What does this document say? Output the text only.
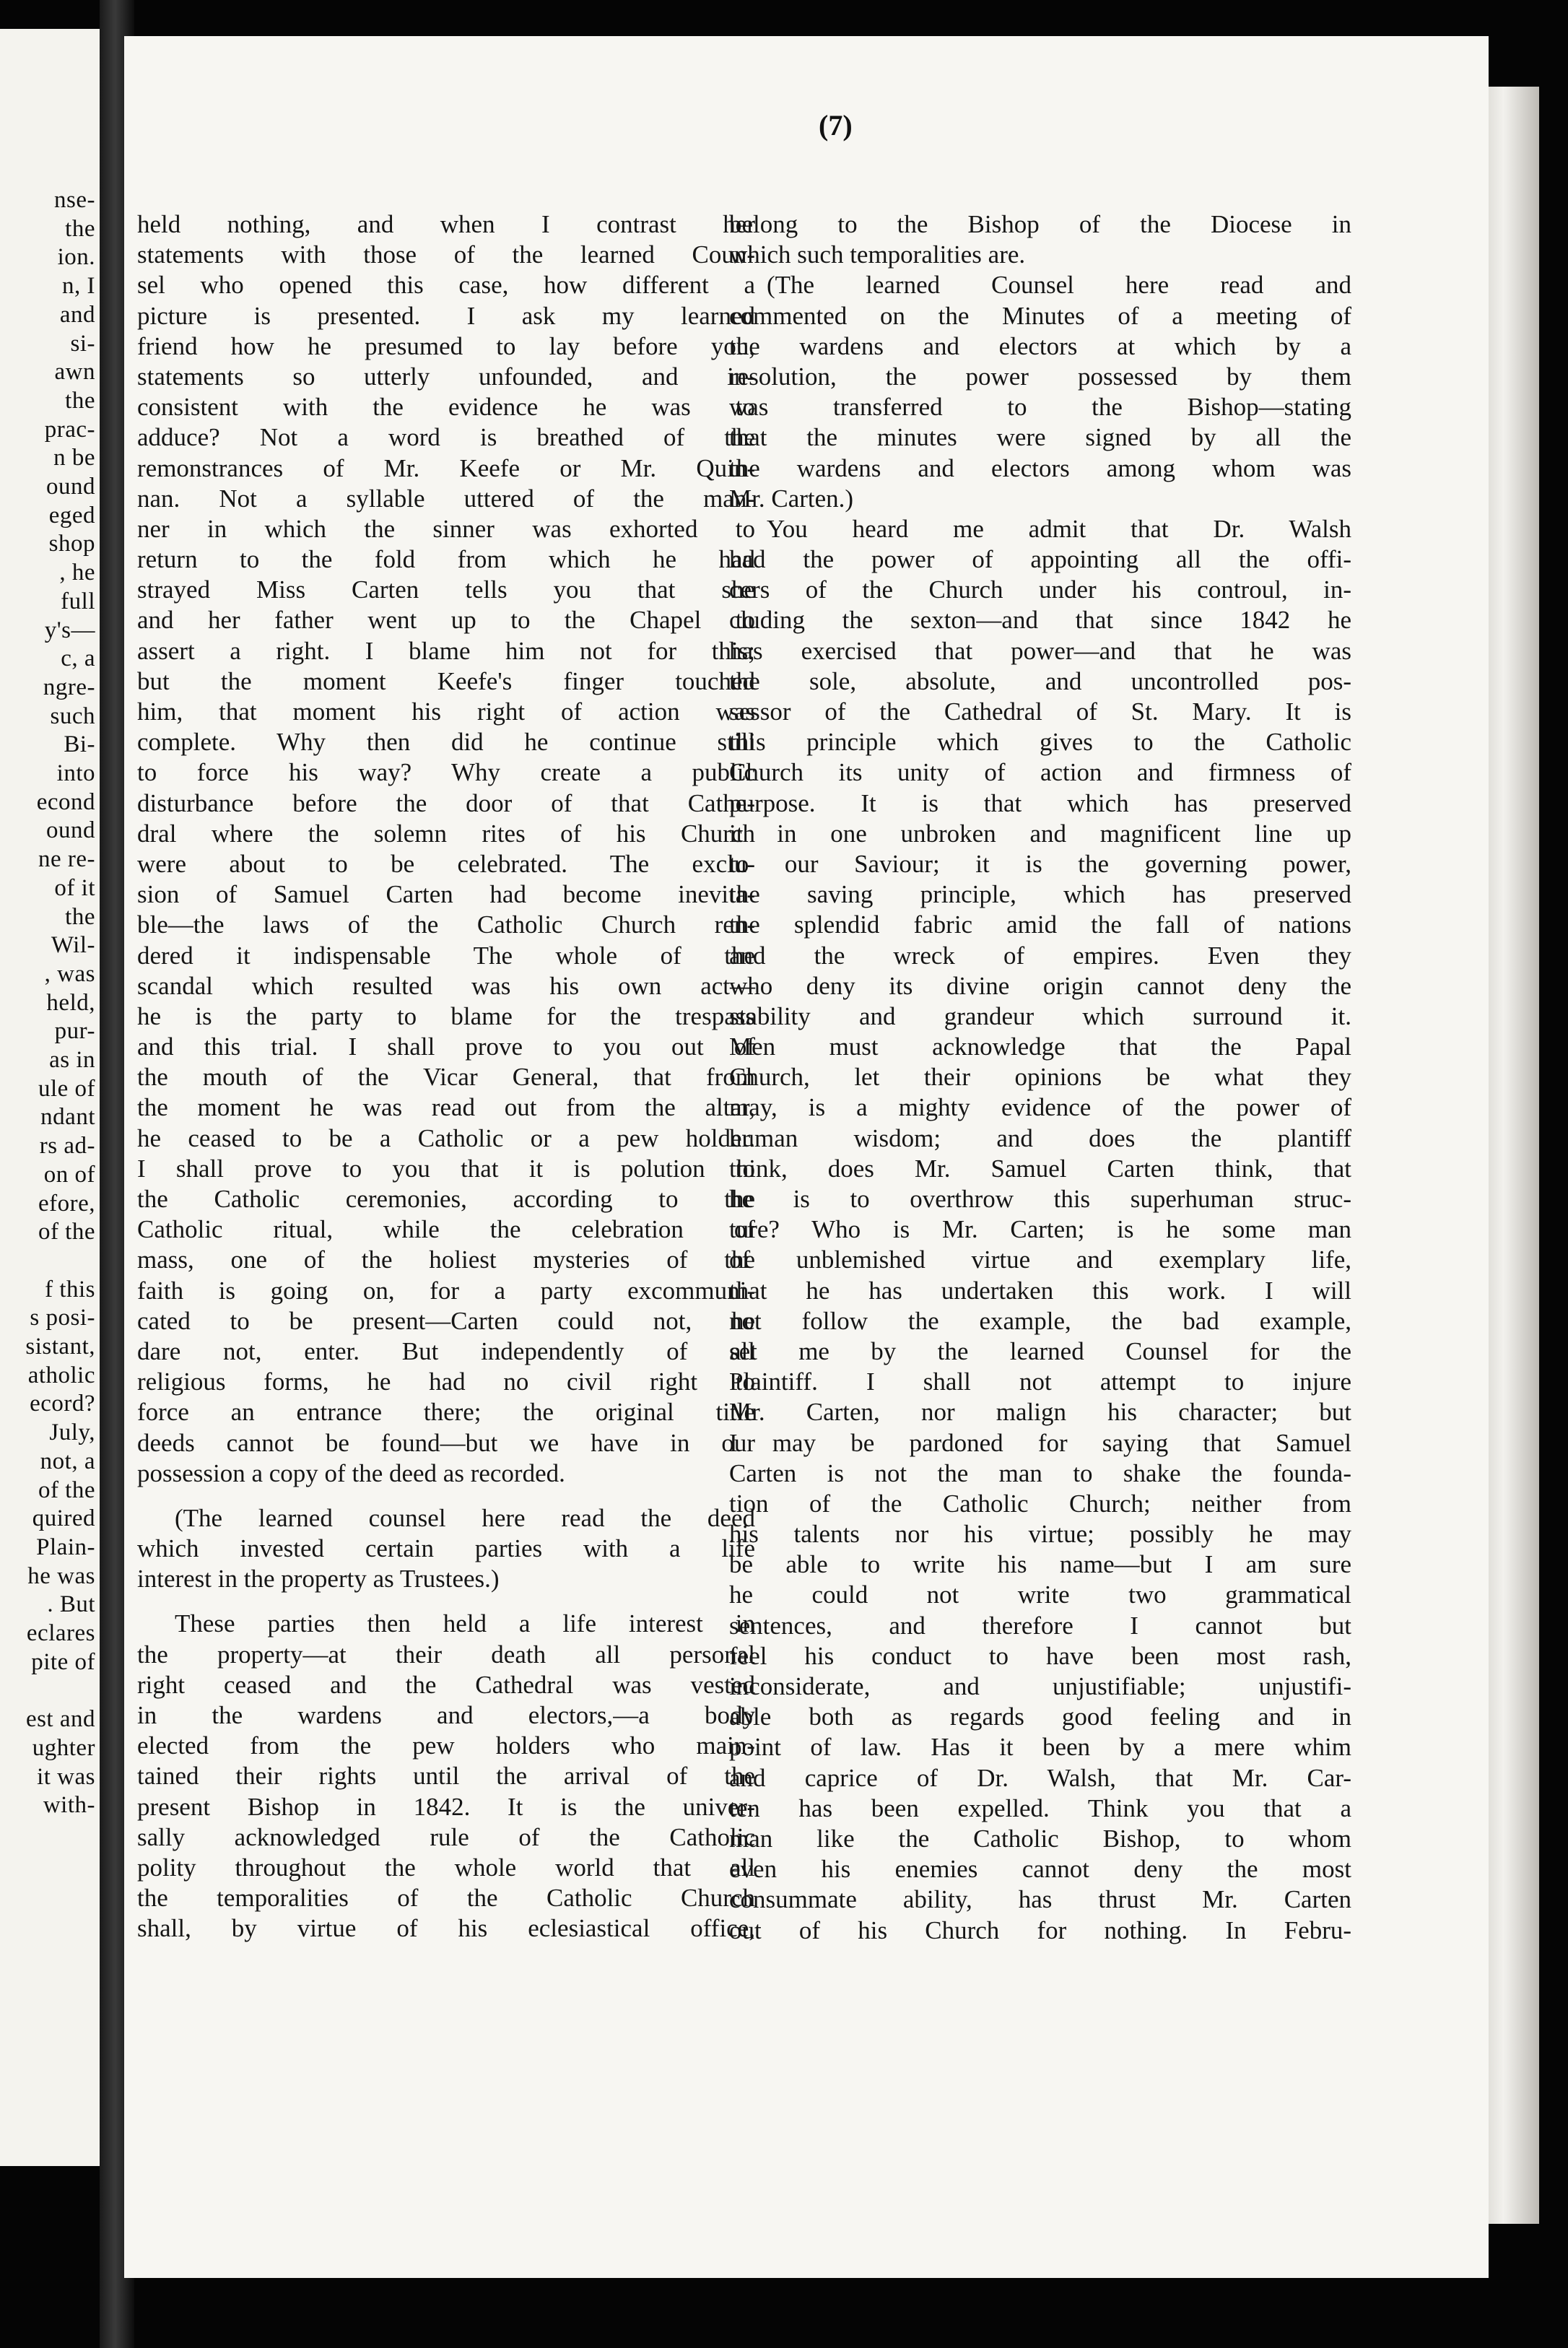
nse-
the
ion.
n, I
and
si-
awn
the
prac-
n be
ound
eged
shop
, he
full
y's—
c, a
ngre-
such
Bi-
into
econd
ound
ne re-
of it
the
Wil-
, was
held,
pur-
as in
ule of
ndant
rs ad-
on of
efore,
of the
f this
s posi-
sistant,
atholic
ecord?
July,
not, a
of the
quired
Plain-
he was
. But
eclares
pite of
est and
ughter
it was
with-
(7)
held nothing, and when I contrast her
statements with those of the learned Coun-
sel who opened this case, how different a
picture is presented. I ask my learned
friend how he presumed to lay before you,
statements so utterly unfounded, and in-
consistent with the evidence he was to
adduce? Not a word is breathed of the
remonstrances of Mr. Keefe or Mr. Quin-
nan. Not a syllable uttered of the man-
ner in which the sinner was exhorted to
return to the fold from which he had
strayed Miss Carten tells you that she
and her father went up to the Chapel to
assert a right. I blame him not for this;
but the moment Keefe's finger touched
him, that moment his right of action was
complete. Why then did he continue still
to force his way? Why create a public
disturbance before the door of that Cathe-
dral where the solemn rites of his Church
were about to be celebrated. The exclu-
sion of Samuel Carten had become inevita-
ble—the laws of the Catholic Church ren-
dered it indispensable The whole of the
scandal which resulted was his own act—
he is the party to blame for the trespass
and this trial. I shall prove to you out of
the mouth of the Vicar General, that from
the moment he was read out from the altar,
he ceased to be a Catholic or a pew holder.
I shall prove to you that it is polution to
the Catholic ceremonies, according to the
Catholic ritual, while the celebration of
mass, one of the holiest mysteries of the
faith is going on, for a party excommuni-
cated to be present—Carten could not, he
dare not, enter. But independently of all
religious forms, he had no civil right to
force an entrance there; the original title
deeds cannot be found—but we have in our
possession a copy of the deed as recorded.
(The learned counsel here read the deed
which invested certain parties with a life
interest in the property as Trustees.)
These parties then held a life interest in
the property—at their death all personal
right ceased and the Cathedral was vested
in the wardens and electors,—a body
elected from the pew holders who main-
tained their rights until the arrival of the
present Bishop in 1842. It is the univer-
sally acknowledged rule of the Catholic
polity throughout the whole world that all
the temporalities of the Catholic Church
shall, by virtue of his eclesiastical office,
belong to the Bishop of the Diocese in
which such temporalities are.
(The learned Counsel here read and
commented on the Minutes of a meeting of
the wardens and electors at which by a
resolution, the power possessed by them
was transferred to the Bishop—stating
that the minutes were signed by all the
the wardens and electors among whom was
Mr. Carten.)
You heard me admit that Dr. Walsh
had the power of appointing all the offi-
cers of the Church under his controul, in-
cluding the sexton—and that since 1842 he
has exercised that power—and that he was
the sole, absolute, and uncontrolled pos-
sessor of the Cathedral of St. Mary. It is
this principle which gives to the Catholic
Church its unity of action and firmness of
purpose. It is that which has preserved
it in one unbroken and magnificent line up
to our Saviour; it is the governing power,
the saving principle, which has preserved
the splendid fabric amid the fall of nations
and the wreck of empires. Even they
who deny its divine origin cannot deny the
stability and grandeur which surround it.
Men must acknowledge that the Papal
Church, let their opinions be what they
may, is a mighty evidence of the power of
human wisdom; and does the plantiff
think, does Mr. Samuel Carten think, that
he is to overthrow this superhuman struc-
ture? Who is Mr. Carten; is he some man
of unblemished virtue and exemplary life,
that he has undertaken this work. I will
not follow the example, the bad example,
set me by the learned Counsel for the
Plaintiff. I shall not attempt to injure
Mr. Carten, nor malign his character; but
I may be pardoned for saying that Samuel
Carten is not the man to shake the founda-
tion of the Catholic Church; neither from
his talents nor his virtue; possibly he may
be able to write his name—but I am sure
he could not write two grammatical
sentences, and therefore I cannot but
feel his conduct to have been most rash,
inconsiderate, and unjustifiable; unjustifi-
able both as regards good feeling and in
point of law. Has it been by a mere whim
and caprice of Dr. Walsh, that Mr. Car-
ten has been expelled. Think you that a
man like the Catholic Bishop, to whom
even his enemies cannot deny the most
consummate ability, has thrust Mr. Carten
out of his Church for nothing. In Febru-
